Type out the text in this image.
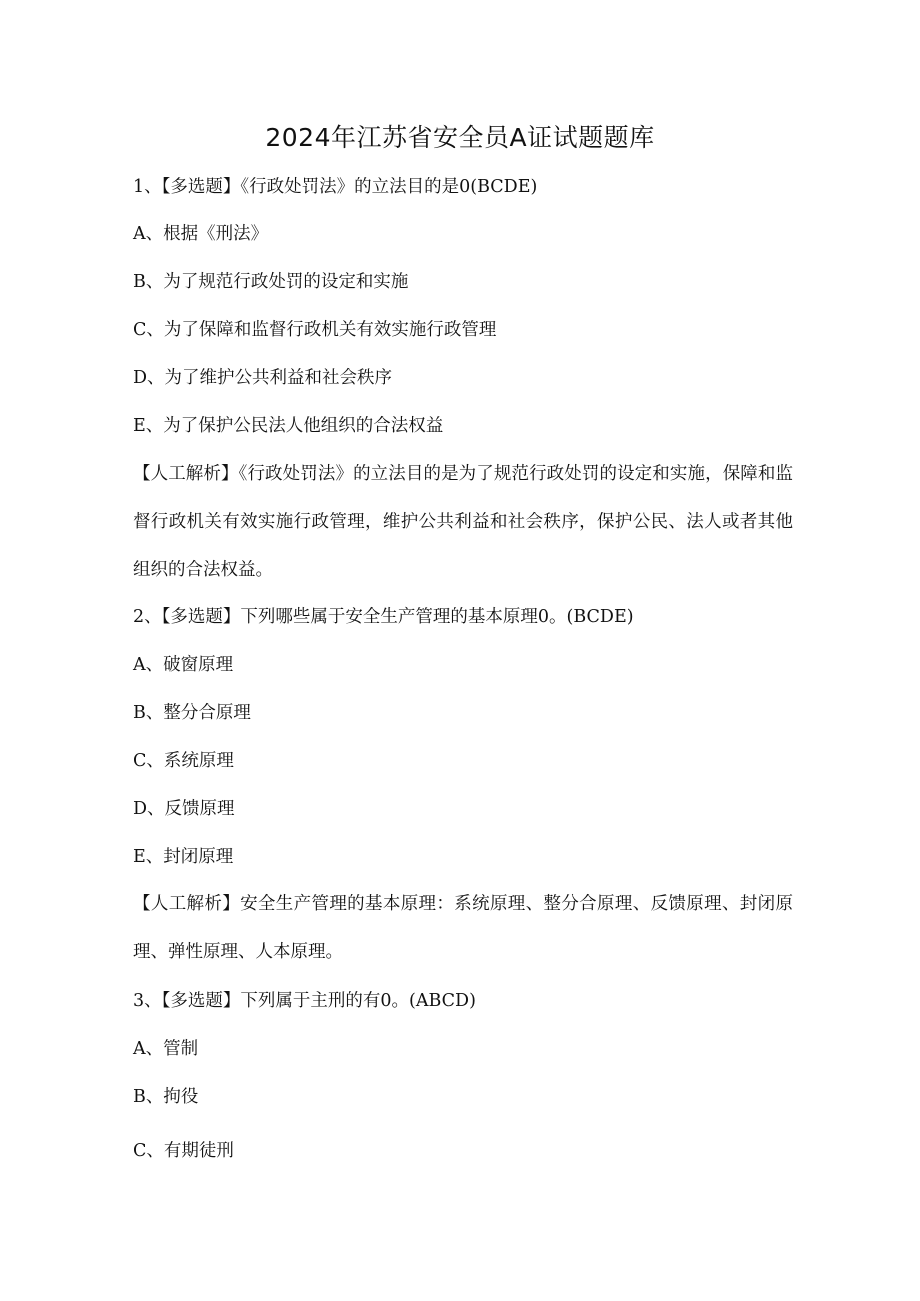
2024年江苏省安全员A证试题题库
1、【多选题】《行政处罚法》的立法目的是0(BCDE)
A、根据《刑法》
B、为了规范行政处罚的设定和实施
C、为了保障和监督行政机关有效实施行政管理
D、为了维护公共利益和社会秩序
E、为了保护公民法人他组织的合法权益
【人工解析】《行政处罚法》的立法目的是为了规范行政处罚的设定和实施，保障和监督行政机关有效实施行政管理，维护公共利益和社会秩序，保护公民、法人或者其他组织的合法权益。
2、【多选题】下列哪些属于安全生产管理的基本原理0。(BCDE)
A、破窗原理
B、整分合原理
C、系统原理
D、反馈原理
E、封闭原理
【人工解析】安全生产管理的基本原理：系统原理、整分合原理、反馈原理、封闭原理、弹性原理、人本原理。
3、【多选题】下列属于主刑的有0。(ABCD)
A、管制
B、拘役
C、有期徒刑
